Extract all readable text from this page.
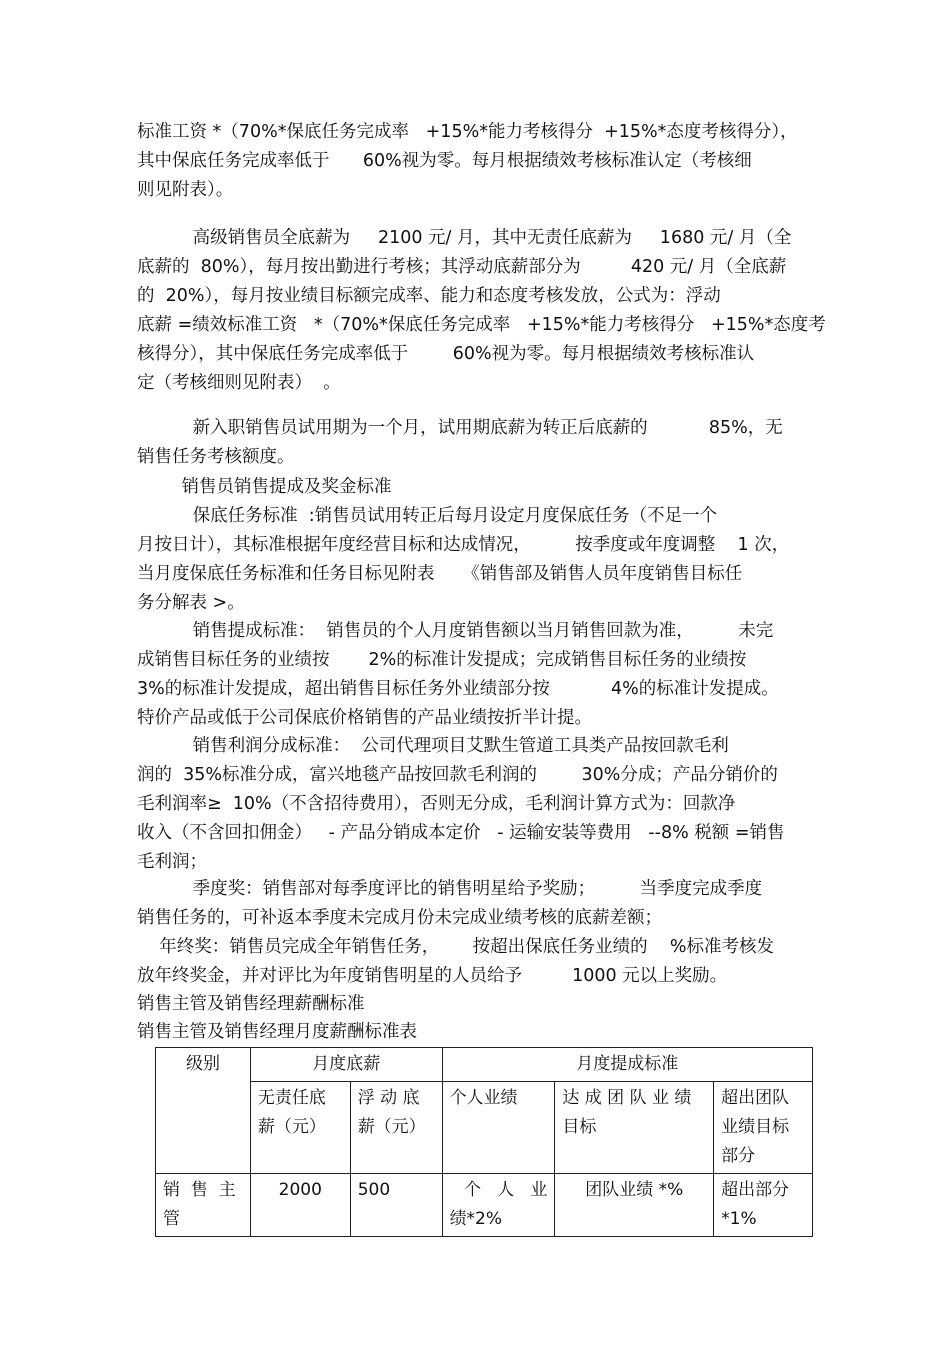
标准工资 *（70%*保底任务完成率   +15%*能力考核得分  +15%*态度考核得分），
其中保底任务完成率低于      60%视为零。每月根据绩效考核标准认定（考核细
则见附表）。
高级销售员全底薪为     2100 元/ 月，其中无责任底薪为     1680 元/ 月（全
底薪的  80%），每月按出勤进行考核；其浮动底薪部分为         420 元/ 月（全底薪
的  20%），每月按业绩目标额完成率、能力和态度考核发放，公式为：浮动
底薪 =绩效标准工资   *（70%*保底任务完成率   +15%*能力考核得分   +15%*态度考
核得分），其中保底任务完成率低于        60%视为零。每月根据绩效考核标准认
定（考核细则见附表）  。
新入职销售员试用期为一个月，试用期底薪为转正后底薪的           85%，无
销售任务考核额度。
销售员销售提成及奖金标准
保底任务标准  :销售员试用转正后每月设定月度保底任务（不足一个
月按日计），其标准根据年度经营目标和达成情况，        按季度或年度调整    1 次，
当月度保底任务标准和任务目标见附表     《销售部及销售人员年度销售目标任
务分解表 >。
销售提成标准：  销售员的个人月度销售额以当月销售回款为准，        未完
成销售目标任务的业绩按       2%的标准计发提成；完成销售目标任务的业绩按
3%的标准计发提成，超出销售目标任务外业绩部分按           4%的标准计发提成。
特价产品或低于公司保底价格销售的产品业绩按折半计提。
销售利润分成标准：  公司代理项目艾默生管道工具类产品按回款毛利
润的  35%标准分成，富兴地毯产品按回款毛利润的        30%分成；产品分销价的
毛利润率≥  10%（不含招待费用），否则无分成，毛利润计算方式为：回款净
收入（不含回扣佣金）   - 产品分销成本定价   - 运输安装等费用   --8% 税额 =销售
毛利润；
季度奖：销售部对每季度评比的销售明星给予奖励；        当季度完成季度
销售任务的，可补返本季度未完成月份未完成业绩考核的底薪差额；
年终奖：销售员完成全年销售任务，      按超出保底任务业绩的    %标准考核发
放年终奖金，并对评比为年度销售明星的人员给予         1000 元以上奖励。
销售主管及销售经理薪酬标准
销售主管及销售经理月度薪酬标准表
级别	月度底薪		月度提成标准		

	无责任底
薪（元）	浮 动 底
薪（元）	个人业绩	达 成 团 队 业 绩
目标	超出团队
业绩目标
部分

销  售  主
管	2000	500	个   人   业
绩*2%	团队业绩 *%	超出部分
*1%
